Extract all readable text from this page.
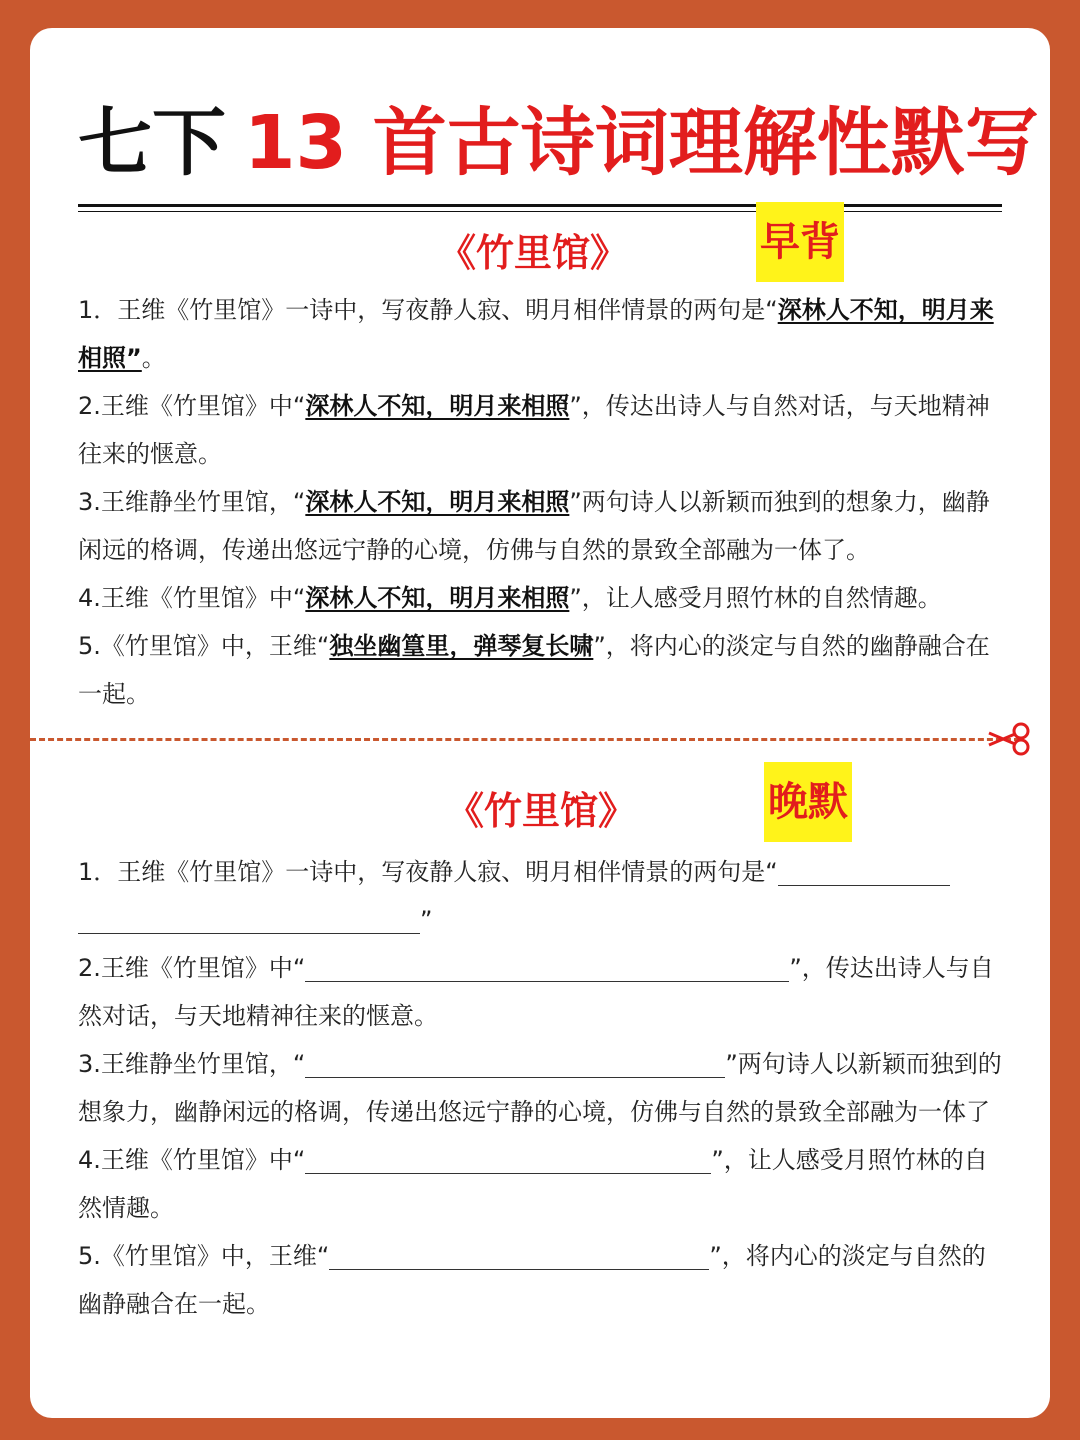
七下 13 首古诗词理解性默写
《竹里馆》	早背

1．王维《竹里馆》一诗中，写夜静人寂、明月相伴情景的两句是“深林人不知，明月来相照”。

2.王维《竹里馆》中“深林人不知，明月来相照”，传达出诗人与自然对话，与天地精神往来的惬意。

3.王维静坐竹里馆，“深林人不知，明月来相照”两句诗人以新颖而独到的想象力，幽静闲远的格调，传递出悠远宁静的心境，仿佛与自然的景致全部融为一体了。

4.王维《竹里馆》中“深林人不知，明月来相照”，让人感受月照竹林的自然情趣。

5.《竹里馆》中，王维“独坐幽篁里，弹琴复长啸”，将内心的淡定与自然的幽静融合在一起。

《竹里馆》	晚默

1．王维《竹里馆》一诗中，写夜静人寂、明月相伴情景的两句是“
”

2.王维《竹里馆》中“	”，传达出诗人与自然对话，与天地精神往来的惬意。

3.王维静坐竹里馆，“	”两句诗人以新颖而独到的想象力，幽静闲远的格调，传递出悠远宁静的心境，仿佛与自然的景致全部融为一体了

4.王维《竹里馆》中“	”，让人感受月照竹林的自然情趣。

5.《竹里馆》中，王维“	”，将内心的淡定与自然的幽静融合在一起。
